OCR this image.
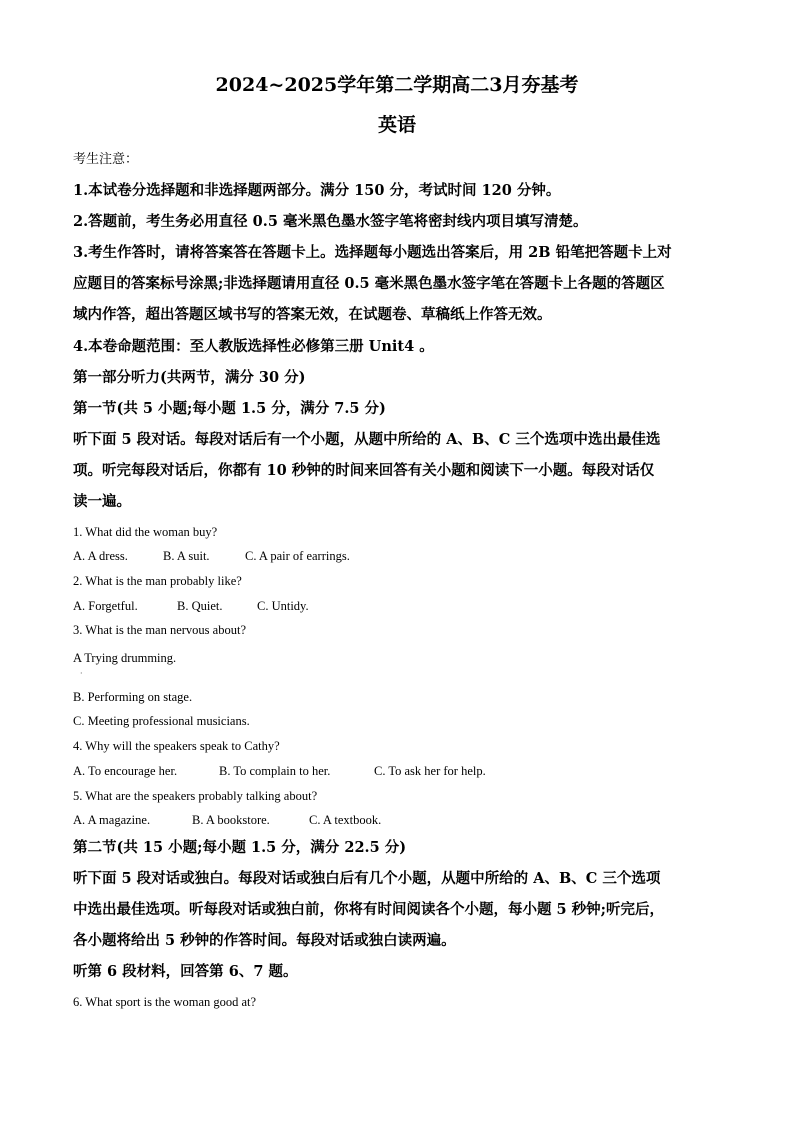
2024~2025学年第二学期高二3月夯基考
英语
考生注意：
1.本试卷分选择题和非选择题两部分。满分 150 分，考试时间 120 分钟。
2.答题前，考生务必用直径 0.5 毫米黑色墨水签字笔将密封线内项目填写清楚。
3.考生作答时，请将答案答在答题卡上。选择题每小题选出答案后，用 2B 铅笔把答题卡上对
应题目的答案标号涂黑;非选择题请用直径 0.5 毫米黑色墨水签字笔在答题卡上各题的答题区
域内作答，超出答题区域书写的答案无效，在试题卷、草稿纸上作答无效。
4.本卷命题范围：至人教版选择性必修第三册 Unit4 。
第一部分听力(共两节，满分 30 分)
第一节(共 5 小题;每小题 1.5 分，满分 7.5 分)
听下面 5 段对话。每段对话后有一个小题，从题中所给的 A、B、C 三个选项中选出最佳选
项。听完每段对话后，你都有 10 秒钟的时间来回答有关小题和阅读下一小题。每段对话仅
读一遍。
1. What did the woman buy?
A. A dress.	B. A suit.	C. A pair of earrings.
2. What is the man probably like?
A. Forgetful.	B. Quiet.	C. Untidy.
3. What is the man nervous about?
A Trying drumming.
·
B. Performing on stage.
C. Meeting professional musicians.
4. Why will the speakers speak to Cathy?
A. To encourage her.	B. To complain to her.	C. To ask her for help.
5. What are the speakers probably talking about?
A. A magazine.	B. A bookstore.	C. A textbook.
第二节(共 15 小题;每小题 1.5 分，满分 22.5 分)
听下面 5 段对话或独白。每段对话或独白后有几个小题，从题中所给的 A、B、C 三个选项
中选出最佳选项。听每段对话或独白前，你将有时间阅读各个小题，每小题 5 秒钟;听完后，
各小题将给出 5 秒钟的作答时间。每段对话或独白读两遍。
听第 6 段材料，回答第 6、7 题。
6. What sport is the woman good at?
